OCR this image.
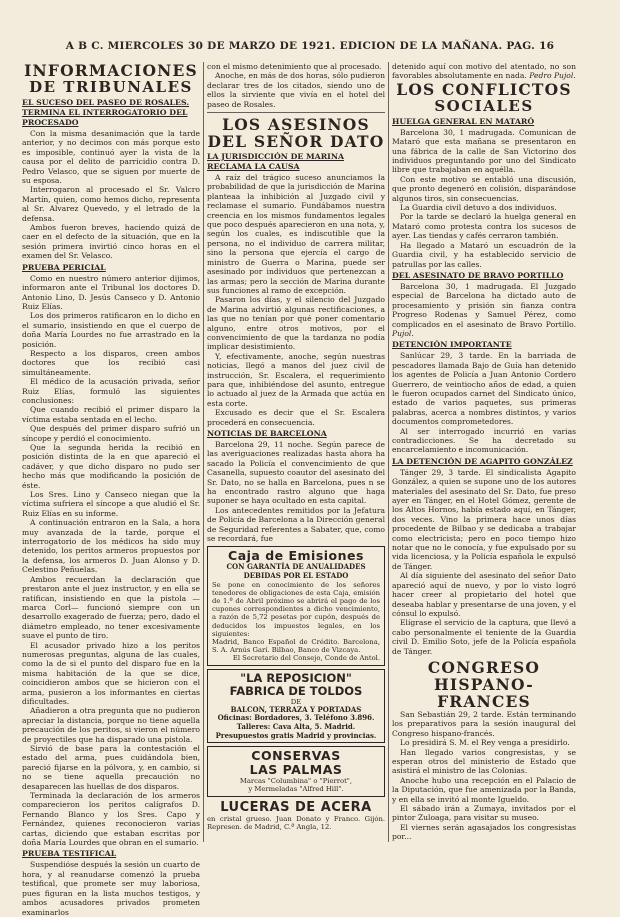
A B C. MIERCOLES 30 DE MARZO DE 1921. EDICION DE LA MAÑANA. PAG. 16
INFORMACIONES
DE TRIBUNALES
EL SUCESO DEL PASEO DE ROSALES. TERMINA EL INTERROGATORIO DEL PROCESADO

Con la misma desanimación que la tarde anterior, y no decimos con más porque esto es imposible, continuó ayer la vista de la causa por el delito de parricidio contra D. Pedro Velasco, que se siguen por muerte de su esposa.

Interrogaron al procesado el Sr. Valcro Martín, quien, como hemos dicho, representa al Sr. Alvarez Quevedo, y el letrado de la defensa.

Ambos fueron breves, haciendo quizá de caer en el defecto de la situación, que en la sesión primera invirtió cinco horas en el examen del Sr. Velasco.

PRUEBA PERICIAL

Como en nuestro número anterior dijimos, informaron ante el Tribunal los doctores D. Antonio Lino, D. Jesús Canseco y D. Antonio Ruiz Elías.

Los dos primeros ratificaron en lo dicho en el sumario, insistiendo en que el cuerpo de doña María Lourdes no fue arrastrado en la posición.

Respecto a los disparos, creen ambos doctores que los recibió casi simultáneamente.

El médico de la acusación privada, señor Ruiz Elías, formuló las siguientes conclusiones:

Que cuando recibió el primer disparo la víctima estaba sentada en el lecho.

Que después del primer disparo sufrió un síncope y perdió el conocimiento.

Que la segunda herida la recibió en posición distinta de la en que apareció el cadáver, y que dicho disparo no pudo ser hecho más que modificando la posición de éste.

Los Sres. Lino y Canseco niegan que la víctima sufriera el síncope a que aludió el Sr. Ruiz Elías en su informe.

A continuación entraron en la Sala, a hora muy avanzada de la tarde, porque el interrogatorio de los médicos ha sido muy detenido, los peritos armeros propuestos por la defensa, los armeros D. Juan Alonso y D. Celestino Peñuelas.

Ambos recuerdan la declaración que prestaron ante el juez instructor, y en ella se ratifican, insistiendo en que la pistola —marca Corl— funcionó siempre con un desarrollo exagerado de fuerza; pero, dado el diámetro empleado, no tener excesivamente suave el punto de tiro.

El acusador privado hizo a los peritos numerosas preguntas, alguna de las cuales, como la de si el punto del disparo fue en la misma habitación de la que se dice, coincidieron ambos que se hicieron con el arma, pusieron a los informantes en ciertas dificultades.

Añadieron a otra pregunta que no pudieron apreciar la distancia, porque no tiene aquella precaución de los peritos, si vieron el número de proyectiles que ha disparado una pistola.

Sirvió de base para la contestación el estado del arma, pues cuidándola bien, pareció fijarse en la pólvora, y, en cambio, si no se tiene aquella precaución no desaparecen las huellas de dos disparos.

Terminada la declaración de los armeros comparecieron los peritos calígrafos D. Fernando Blanco y los Sres. Capo y Fernández, quienes reconocieron varias cartas, diciendo que estaban escritas por doña María Lourdes que obran en el sumario.

PRUEBA TESTIFICAL

Suspendióse después la sesión un cuarto de hora, y al reanudarse comenzó la prueba testifical, que promete ser muy laboriosa, pues figuran en la lista muchos testigos, y ambos acusadores privados prometen examinarlos

con el mismo detenimiento que al procesado.

Anoche, en más de dos horas, sólo pudieron declarar tres de los citados, siendo uno de ellos la sirviente que vivía en el hotel del paseo de Rosales.

LOS ASESINOS
DEL SEÑOR DATO
LA JURISDICCIÓN DE MARINA RECLAMA LA CAUSA

A raíz del trágico suceso anunciamos la probabilidad de que la jurisdicción de Marina planteaa la inhibición al Juzgado civil y reclamase el sumario. Fundábamos nuestra creencia en los mismos fundamentos legales que poco después aparecieron en una nota, y, según los cuales, es indiscutible que la persona, no el individuo de carrera militar, sino la persona que ejercía el cargo de ministro de Guerra o Marina, puede ser asesinado por individuos que pertenezcan a las armas; pero la sección de Marina durante sus funciones al ramo de excepción.

Pasaron los días, y el silencio del Juzgado de Marina advirtió algunas rectificaciones, a las que no tenían por qué poner comentario alguno, entre otros motivos, por el convencimiento de que la tardanza no podía implicar desistimiento.

Y, efectivamente, anoche, según nuestras noticias, llegó a manos del juez civil de instrucción, Sr. Escalera, el requerimiento para que, inhibiéndose del asunto, entregue lo actuado al juez de la Armada que actúa en esta corte.

Excusado es decir que el Sr. Escalera procederá en consecuencia.

NOTICIAS DE BARCELONA

Barcelona 29, 11 noche. Según parece de las averiguaciones realizadas hasta ahora ha sacado la Policía el convencimiento de que Casanella, supuesto coautor del asesinato del Sr. Dato, no se halla en Barcelona, pues n se ha encontrado rastro alguno que haga suponer se haya ocultado en esta capital.

Los antecedentes remitidos por la Jefatura de Policía de Barcelona a la Dirección general de Seguridad referentes a Sabater, que, como se recordará, fue

Caja de Emisiones
CON GARANTÍA DE ANUALIDADES DEBIDAS POR EL ESTADO
Se pone en conocimiento de los señores tenedores de obligaciones de esta Caja, emisión de 1.º de Abril próximo se abrirá el pago de los cupones correspondientes a dicho vencimiento, a razón de 5,72 pesetas por cupón, después de deducidos los impuestos legales, en los siguientes:
Madrid, Banco Español de Crédito. Barcelona, S. A. Arnús Garí. Bilbao, Banco de Vizcaya.
El Secretario del Consejo, Conde de Antol.
"LA REPOSICION"
FABRICA DE TOLDOS
DE
BALCON, TERRAZA Y PORTADAS
Oficinas: Bordadores, 3. Teléfono 3.896.
Talleres: Cava Alta, 5. Madrid.
Presupuestos gratis Madrid y provincias.
CONSERVAS
LAS PALMAS
Marcas "Columbina" o "Pierrot",
y Mermeladas "Alfred Hill".
LUCERAS DE ACERA
en cristal grueso. Juan Donato y Franco. Gijón. Represen. de Madrid, C.ª Angla, 12.

detenido aquí con motivo del atentado, no son favorables absolutamente en nada. Pedro Pujol.

LOS CONFLICTOS
SOCIALES
HUELGA GENERAL EN MATARÓ

Barcelona 30, 1 madrugada. Comunican de Mataró que esta mañana se presentaron en una fábrica de la calle de San Victorino dos individuos preguntando por uno del Sindicato libre que trabajaban en aquélla.

Con este motivo se entabló una discusión, que pronto degeneró en colisión, disparándose algunos tiros, sin consecuencias.

La Guardia civil detuvo a dos individuos.

Por la tarde se declaró la huelga general en Mataró como protesta contra los sucesos de ayer. Las tiendas y cafés cerraron también.

Ha llegado a Mataró un escuadrón de la Guardia civil, y ha establecido servicio de patrullas por las calles.

DEL ASESINATO DE BRAVO PORTILLO

Barcelona 30, 1 madrugada. El Juzgado especial de Barcelona ha dictado auto de procesamiento y prisión sin fianza contra Progreso Rodenas y Samuel Pérez, como complicados en el asesinato de Bravo Portillo. Pujol.

DETENCIÓN IMPORTANTE

Sanlúcar 29, 3 tarde. En la barriada de pescadores llamada Bajo de Guía han detenido los agentes de Policía a Juan Antonio Cordero Guerrero, de veintiocho años de edad, a quien le fueron ocupados carnet del Sindicato único, estado de varios paquetes, sus primeras palabras, acerca a nombres distintos, y varios documentos comprometedores.

Al ser interrogado incurrió en varias contradicciones. Se ha decretado su encarcelamiento e incomunicación.

LA DETENCIÓN DE AGAPITO GONZÁLEZ

Tánger 29, 3 tarde. El sindicalista Agapito González, a quien se supone uno de los autores materiales del asesinato del Sr. Dato, fue preso ayer en Tánger, en el Hotel Gómez, gerente de los Altos Hornos, había estado aquí, en Tánger, dos veces. Vino la primera hace unos días procedente de Bilbao y se dedicaba a trabajar como electricista; pero en poco tiempo hizo notar que no le conocía, y fue expulsado por su vida licenciosa, y la Policía española le expulsó de Tánger.

Al día siguiente del asesinato del señor Dato apareció aquí de nuevo, y por lo visto logró hacer creer al propietario del hotel que deseaba hablar y presentarse de una joven, y el cónsul lo expulsó.

Elígrase el servicio de la captura, que llevó a cabo personalmente el teniente de la Guardia civil D. Emilio Soto, jefe de la Policía española de Tánger.

CONGRESO
HISPANO-FRANCES

San Sebastián 29, 2 tarde. Están terminando los preparativos para la sesión inaugural del Congreso hispano-francés.

Lo presidirá S. M. el Rey venga a presidirlo.

Han llegado varios congresistas, y se esperan otros del ministerio de Estado que asistirá el ministro de las Colonias.

Anoche hubo una recepción en el Palacio de la Diputación, que fue amenizada por la Banda, y en ella se invitó al monte Igueldo.

El sábado irán a Zumaya, invitados por el pintor Zuloaga, para visitar su museo.

El viernes serán agasajados los congresistas por...
